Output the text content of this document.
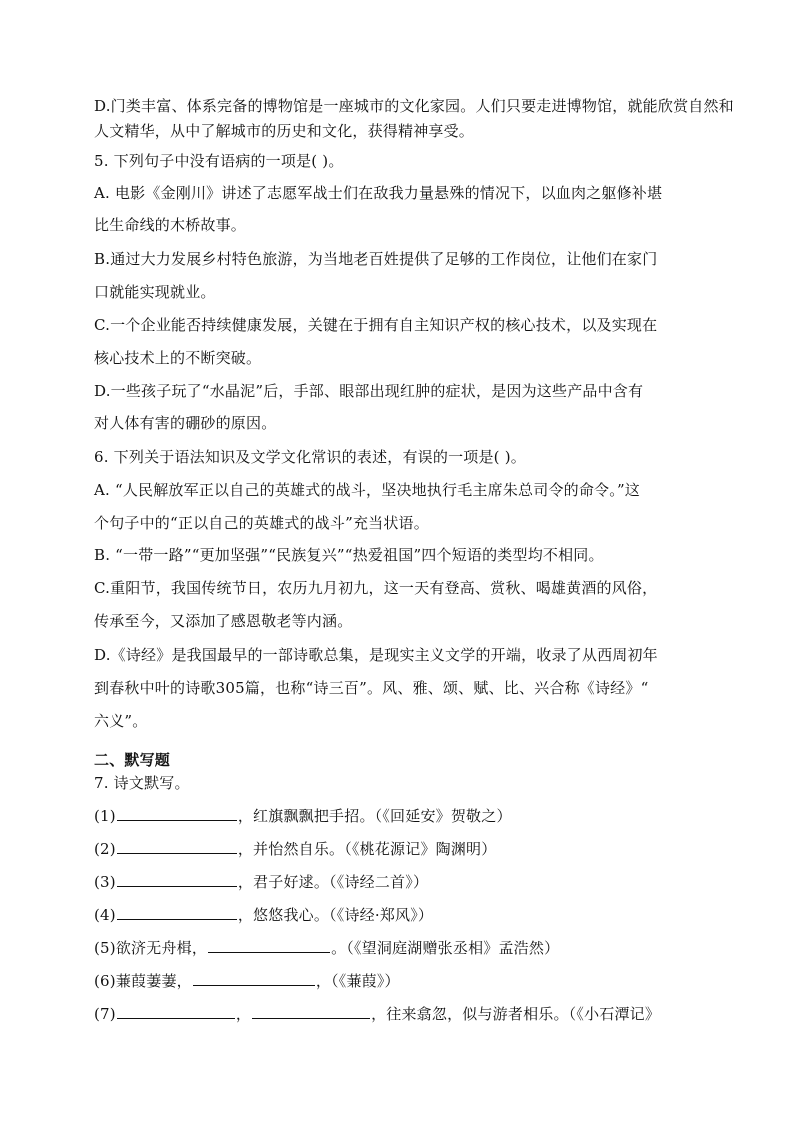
D.门类丰富、体系完备的博物馆是一座城市的文化家园。人们只要走进博物馆，就能欣赏自然和
人文精华，从中了解城市的历史和文化，获得精神享受。
5. 下列句子中没有语病的一项是( )。
A. 电影《金刚川》讲述了志愿军战士们在敌我力量悬殊的情况下，以血肉之躯修补堪
比生命线的木桥故事。
B.通过大力发展乡村特色旅游，为当地老百姓提供了足够的工作岗位，让他们在家门
口就能实现就业。
C.一个企业能否持续健康发展，关键在于拥有自主知识产权的核心技术，以及实现在
核心技术上的不断突破。
D.一些孩子玩了“水晶泥”后，手部、眼部出现红肿的症状，是因为这些产品中含有
对人体有害的硼砂的原因。
6. 下列关于语法知识及文学文化常识的表述，有误的一项是( )。
A. “人民解放军正以自己的英雄式的战斗，坚决地执行毛主席朱总司令的命令。”这
个句子中的“正以自己的英雄式的战斗”充当状语。
B. “一带一路”“更加坚强”“民族复兴”“热爱祖国”四个短语的类型均不相同。
C.重阳节，我国传统节日，农历九月初九，这一天有登高、赏秋、喝雄黄酒的风俗，
传承至今，又添加了感恩敬老等内涵。
D.《诗经》是我国最早的一部诗歌总集，是现实主义文学的开端，收录了从西周初年
到春秋中叶的诗歌305篇，也称“诗三百”。风、雅、颂、赋、比、兴合称《诗经》“
六义”。
二、默写题
7. 诗文默写。
(1)	，红旗飘飘把手招。（《回延安》贺敬之）
(2)	，并怡然自乐。（《桃花源记》陶渊明）
(3)	，君子好逑。（《诗经二首》）
(4)	，悠悠我心。（《诗经·郑风》）
(5)欲济无舟楫，	。（《望洞庭湖赠张丞相》孟浩然）
(6)蒹葭萋萋，	，（《蒹葭》）
(7)	，	，往来翕忽，似与游者相乐。（《小石潭记》
